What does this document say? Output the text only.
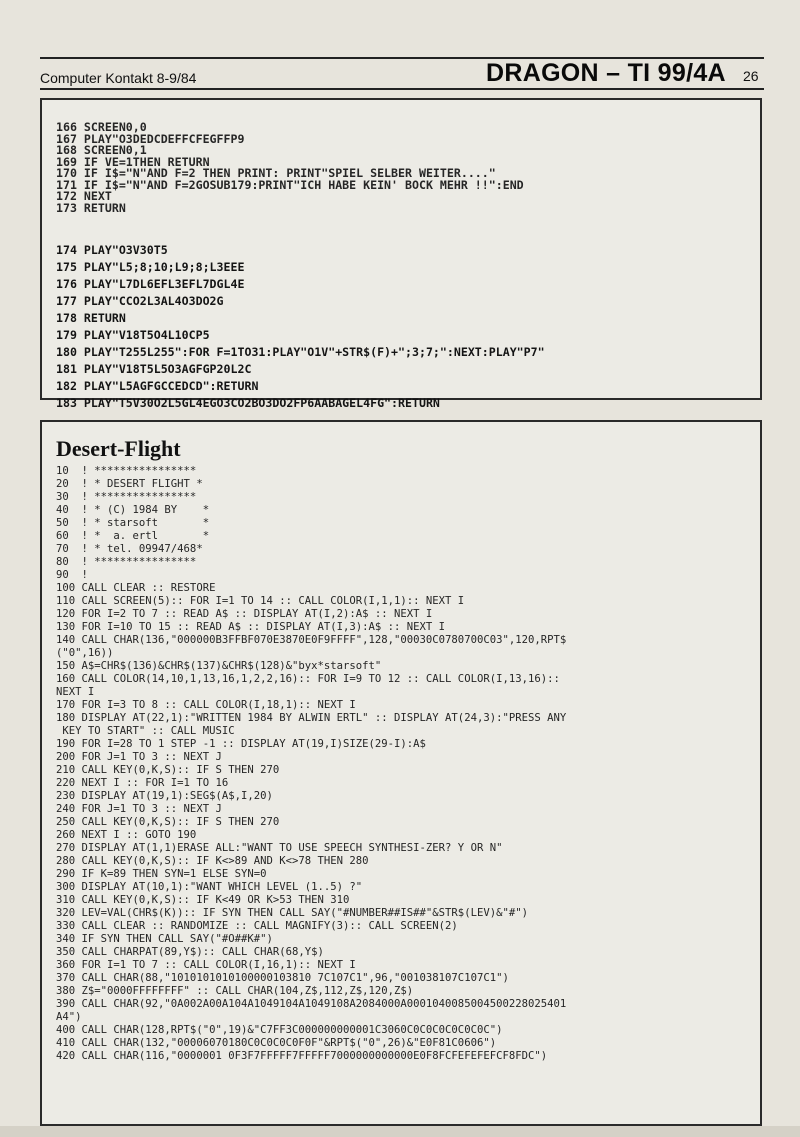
Computer Kontakt 8-9/84	DRAGON – TI 99/4A 26
166 SCREEN0,0
167 PLAY"O3DEDCDEFFCFEGFFP9
168 SCREEN0,1
169 IF VE=1THEN RETURN
170 IF I$="N"AND F=2 THEN PRINT: PRINT"SPIEL SELBER WEITER...."
171 IF I$="N"AND F=2GOSUB179:PRINT"ICH HABE KEIN' BOCK MEHR !!":END
172 NEXT
173 RETURN
174 PLAY"O3V30T5
175 PLAY"L5;8;10;L9;8;L3EEE
176 PLAY"L7DL6EFL3EFL7DGL4E
177 PLAY"CCO2L3AL4O3DO2G
178 RETURN
179 PLAY"V18T5O4L10CP5
180 PLAY"T255L255":FOR F=1TO31:PLAY"O1V"+STR$(F)+";3;7;":NEXT:PLAY"P7"
181 PLAY"V18T5L5O3AGFGP20L2C
182 PLAY"L5AGFGCCEDCD":RETURN
183 PLAY"T5V30O2L5GL4EGO3CO2BO3DO2FP6AABAGEL4FG":RETURN
Desert-Flight
10  ! ****************
20  ! * DESERT FLIGHT *
30  ! ****************
40  ! * (C) 1984 BY    *
50  ! * starsoft       *
60  ! *  a. ertl       *
70  ! * tel. 09947/468*
80  ! ****************
90  !
100 CALL CLEAR :: RESTORE
110 CALL SCREEN(5):: FOR I=1 TO 14 :: CALL COLOR(I,1,1):: NEXT I
120 FOR I=2 TO 7 :: READ A$ :: DISPLAY AT(I,2):A$ :: NEXT I
130 FOR I=10 TO 15 :: READ A$ :: DISPLAY AT(I,3):A$ :: NEXT I
140 CALL CHAR(136,"000000B3FFBF070E3870E0F9FFFF",128,"00030C0780700C03",120,RPT$
("0",16))
150 A$=CHR$(136)&CHR$(137)&CHR$(128)&"byx*starsoft"
160 CALL COLOR(14,10,1,13,16,1,2,2,16):: FOR I=9 TO 12 :: CALL COLOR(I,13,16)::
NEXT I
170 FOR I=3 TO 8 :: CALL COLOR(I,18,1):: NEXT I
180 DISPLAY AT(22,1):"WRITTEN 1984 BY ALWIN ERTL" :: DISPLAY AT(24,3):"PRESS ANY
KEY TO START" :: CALL MUSIC
190 FOR I=28 TO 1 STEP -1 :: DISPLAY AT(19,I)SIZE(29-I):A$
200 FOR J=1 TO 3 :: NEXT J
210 CALL KEY(0,K,S):: IF S THEN 270
220 NEXT I :: FOR I=1 TO 16
230 DISPLAY AT(19,1):SEG$(A$,I,20)
240 FOR J=1 TO 3 :: NEXT J
250 CALL KEY(0,K,S):: IF S THEN 270
260 NEXT I :: GOTO 190
270 DISPLAY AT(1,1)ERASE ALL:"WANT TO USE SPEECH SYNTHESI-ZER? Y OR N"
280 CALL KEY(0,K,S):: IF K<>89 AND K<>78 THEN 280
290 IF K=89 THEN SYN=1 ELSE SYN=0
300 DISPLAY AT(10,1):"WANT WHICH LEVEL (1..5) ?"
310 CALL KEY(0,K,S):: IF K<49 OR K>53 THEN 310
320 LEV=VAL(CHR$(K)):: IF SYN THEN CALL SAY("#NUMBER##IS##"&STR$(LEV)&"#")
330 CALL CLEAR :: RANDOMIZE :: CALL MAGNIFY(3):: CALL SCREEN(2)
340 IF SYN THEN CALL SAY("#O##K#")
350 CALL CHARPAT(89,Y$):: CALL CHAR(68,Y$)
360 FOR I=1 TO 7 :: CALL COLOR(I,16,1):: NEXT I
370 CALL CHAR(88,"1010101010100000103810 7C107C1",96,"001038107C107C1")
380 Z$="0000FFFFFFFF" :: CALL CHAR(104,Z$,112,Z$,120,Z$)
390 CALL CHAR(92,"0A002A00A104A1049104A1049108A2084000A0001040085004500228025401
A4")
400 CALL CHAR(128,RPT$("0",19)&"C7FF3C000000000001C3060C0C0C0C0C0C0C")
410 CALL CHAR(132,"00006070180C0C0C0C0F0F"&RPT$("0",26)&"E0F81C0606")
420 CALL CHAR(116,"0000001 0F3F7FFFFF7FFFFF7000000000000E0F8FCFEFEFEFCF8FDC")
